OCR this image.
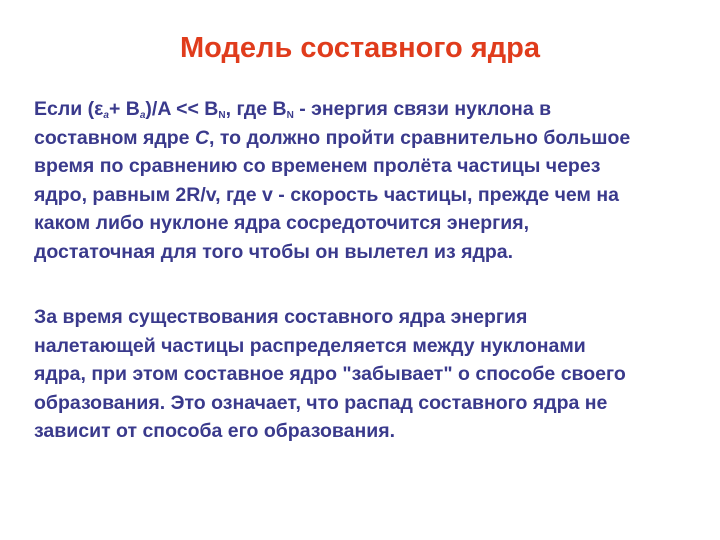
Модель составного ядра
Если $(\varepsilon_a+ B_a)/A << B_N$, где $B_N$ - энергия связи нуклона в
составном ядре C, то должно пройти сравнительно большое
время по сравнению со временем пролёта частицы через
ядро, равным 2R/v, где v - скорость частицы, прежде чем на
каком либо нуклоне ядра сосредоточится энергия,
достаточная для того чтобы он вылетел из ядра.
За время существования составного ядра энергия
налетающей частицы распределяется между нуклонами
ядра, при этом составное ядро "забывает" о способе своего
образования. Это означает, что распад составного ядра не
зависит от способа его образования.
